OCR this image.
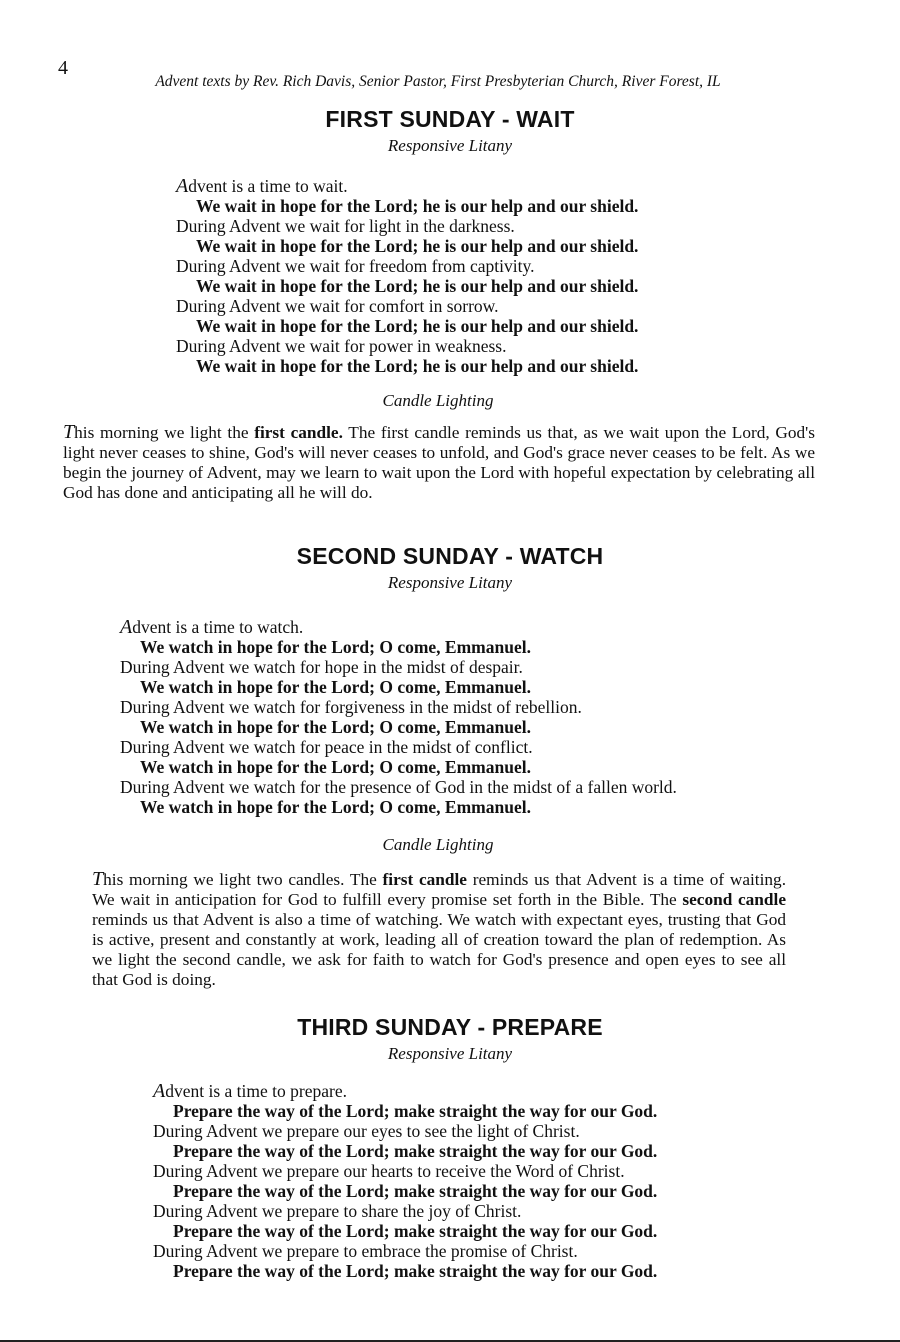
4
Advent texts by Rev. Rich Davis, Senior Pastor, First Presbyterian Church, River Forest, IL
FIRST SUNDAY - WAIT
Responsive Litany
Advent is a time to wait.
We wait in hope for the Lord; he is our help and our shield.
During Advent we wait for light in the darkness.
We wait in hope for the Lord; he is our help and our shield.
During Advent we wait for freedom from captivity.
We wait in hope for the Lord; he is our help and our shield.
During Advent we wait for comfort in sorrow.
We wait in hope for the Lord; he is our help and our shield.
During Advent we wait for power in weakness.
We wait in hope for the Lord; he is our help and our shield.
Candle Lighting

This morning we light the first candle. The first candle reminds us that, as we wait upon the Lord, God's light never ceases to shine, God's will never ceases to unfold, and God's grace never ceases to be felt. As we begin the journey of Advent, may we learn to wait upon the Lord with hopeful expectation by celebrating all God has done and anticipating all he will do.

SECOND SUNDAY - WATCH
Responsive Litany
Advent is a time to watch.
We watch in hope for the Lord; O come, Emmanuel.
During Advent we watch for hope in the midst of despair.
We watch in hope for the Lord; O come, Emmanuel.
During Advent we watch for forgiveness in the midst of rebellion.
We watch in hope for the Lord; O come, Emmanuel.
During Advent we watch for peace in the midst of conflict.
We watch in hope for the Lord; O come, Emmanuel.
During Advent we watch for the presence of God in the midst of a fallen world.
We watch in hope for the Lord; O come, Emmanuel.
Candle Lighting

This morning we light two candles. The first candle reminds us that Advent is a time of waiting. We wait in anticipation for God to fulfill every promise set forth in the Bible. The second candle reminds us that Advent is also a time of watching. We watch with expectant eyes, trusting that God is active, present and constantly at work, leading all of creation toward the plan of redemption. As we light the second candle, we ask for faith to watch for God's presence and open eyes to see all that God is doing.

THIRD SUNDAY - PREPARE
Responsive Litany
Advent is a time to prepare.
Prepare the way of the Lord; make straight the way for our God.
During Advent we prepare our eyes to see the light of Christ.
Prepare the way of the Lord; make straight the way for our God.
During Advent we prepare our hearts to receive the Word of Christ.
Prepare the way of the Lord; make straight the way for our God.
During Advent we prepare to share the joy of Christ.
Prepare the way of the Lord; make straight the way for our God.
During Advent we prepare to embrace the promise of Christ.
Prepare the way of the Lord; make straight the way for our God.
